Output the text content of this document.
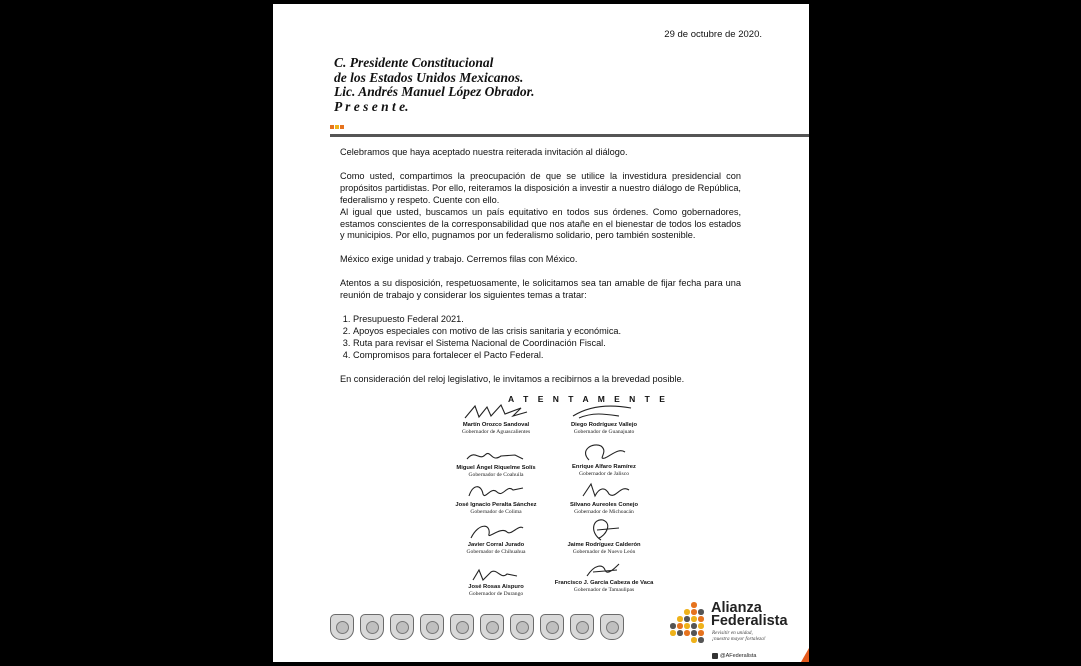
29 de octubre de 2020.
C. Presidente Constitucional
de los Estados Unidos Mexicanos.
Lic. Andrés Manuel López Obrador.
P r e s e n t e.

Celebramos que haya aceptado nuestra reiterada invitación al diálogo.

Como usted, compartimos la preocupación de que se utilice la investidura presidencial con propósitos partidistas. Por ello, reiteramos la disposición a investir a nuestro diálogo de República, federalismo y respeto. Cuente con ello.

Al igual que usted, buscamos un país equitativo en todos sus órdenes. Como gobernadores, estamos conscientes de la corresponsabilidad que nos atañe en el bienestar de todos los estados y municipios. Por ello, pugnamos por un federalismo solidario, pero también sostenible.

México exige unidad y trabajo. Cerremos filas con México.

Atentos a su disposición, respetuosamente, le solicitamos sea tan amable de fijar fecha para una reunión de trabajo y considerar los siguientes temas a tratar:

1. Presupuesto Federal 2021.
2. Apoyos especiales con motivo de las crisis sanitaria y económica.
3. Ruta para revisar el Sistema Nacional de Coordinación Fiscal.
4. Compromisos para fortalecer el Pacto Federal.

En consideración del reloj legislativo, le invitamos a recibirnos a la brevedad posible.

A T E N T A M E N T E
Martín Orozco Sandoval
Gobernador de Aguascalientes
Miguel Ángel Riquelme Solís
Gobernador de Coahuila
José Ignacio Peralta Sánchez
Gobernador de Colima
Javier Corral Jurado
Gobernador de Chihuahua
José Rosas Aispuro
Gobernador de Durango
Diego Rodríguez Vallejo
Gobernador de Guanajuato
Enrique Alfaro Ramírez
Gobernador de Jalisco
Silvano Aureoles Conejo
Gobernador de Michoacán
Jaime Rodríguez Calderón
Gobernador de Nuevo León
Francisco J. García Cabeza de Vaca
Gobernador de Tamaulipas
Alianza
Federalista
Revisitir en unidad,
¡nuestra mayor fortaleza!
@AFederalista
